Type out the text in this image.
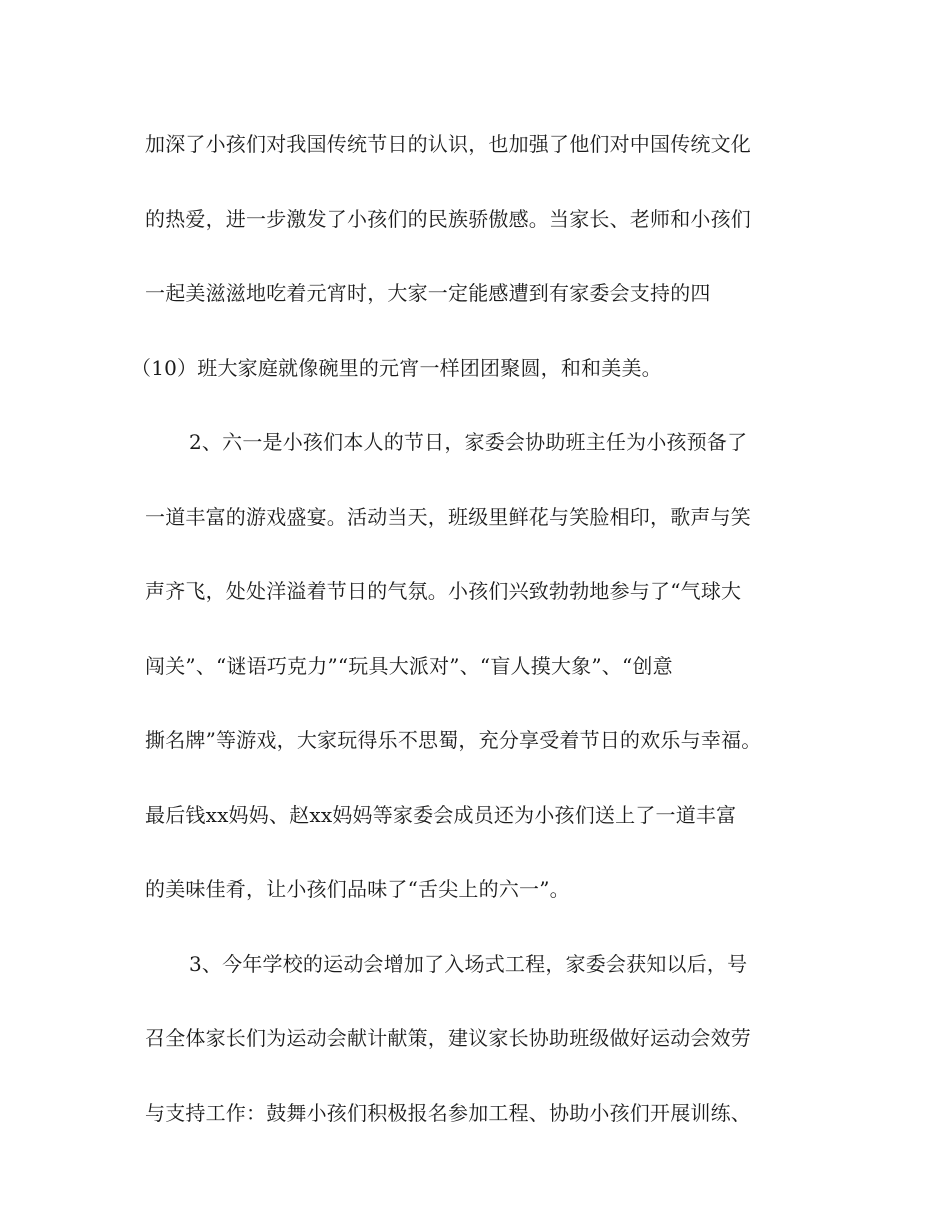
加深了小孩们对我国传统节日的认识，也加强了他们对中国传统文化
的热爱，进一步激发了小孩们的民族骄傲感。当家长、老师和小孩们
一起美滋滋地吃着元宵时，大家一定能感遭到有家委会支持的四
（10）班大家庭就像碗里的元宵一样团团聚圆，和和美美。
2、六一是小孩们本人的节日，家委会协助班主任为小孩预备了
一道丰富的游戏盛宴。活动当天，班级里鲜花与笑脸相印，歌声与笑
声齐飞，处处洋溢着节日的气氛。小孩们兴致勃勃地参与了“气球大
闯关”、“谜语巧克力”“玩具大派对”、“盲人摸大象”、“创意
撕名牌”等游戏，大家玩得乐不思蜀，充分享受着节日的欢乐与幸福。
最后钱xx妈妈、赵xx妈妈等家委会成员还为小孩们送上了一道丰富
的美味佳肴，让小孩们品味了“舌尖上的六一”。
3、今年学校的运动会增加了入场式工程，家委会获知以后，号
召全体家长们为运动会献计献策，建议家长协助班级做好运动会效劳
与支持工作：鼓舞小孩们积极报名参加工程、协助小孩们开展训练、
